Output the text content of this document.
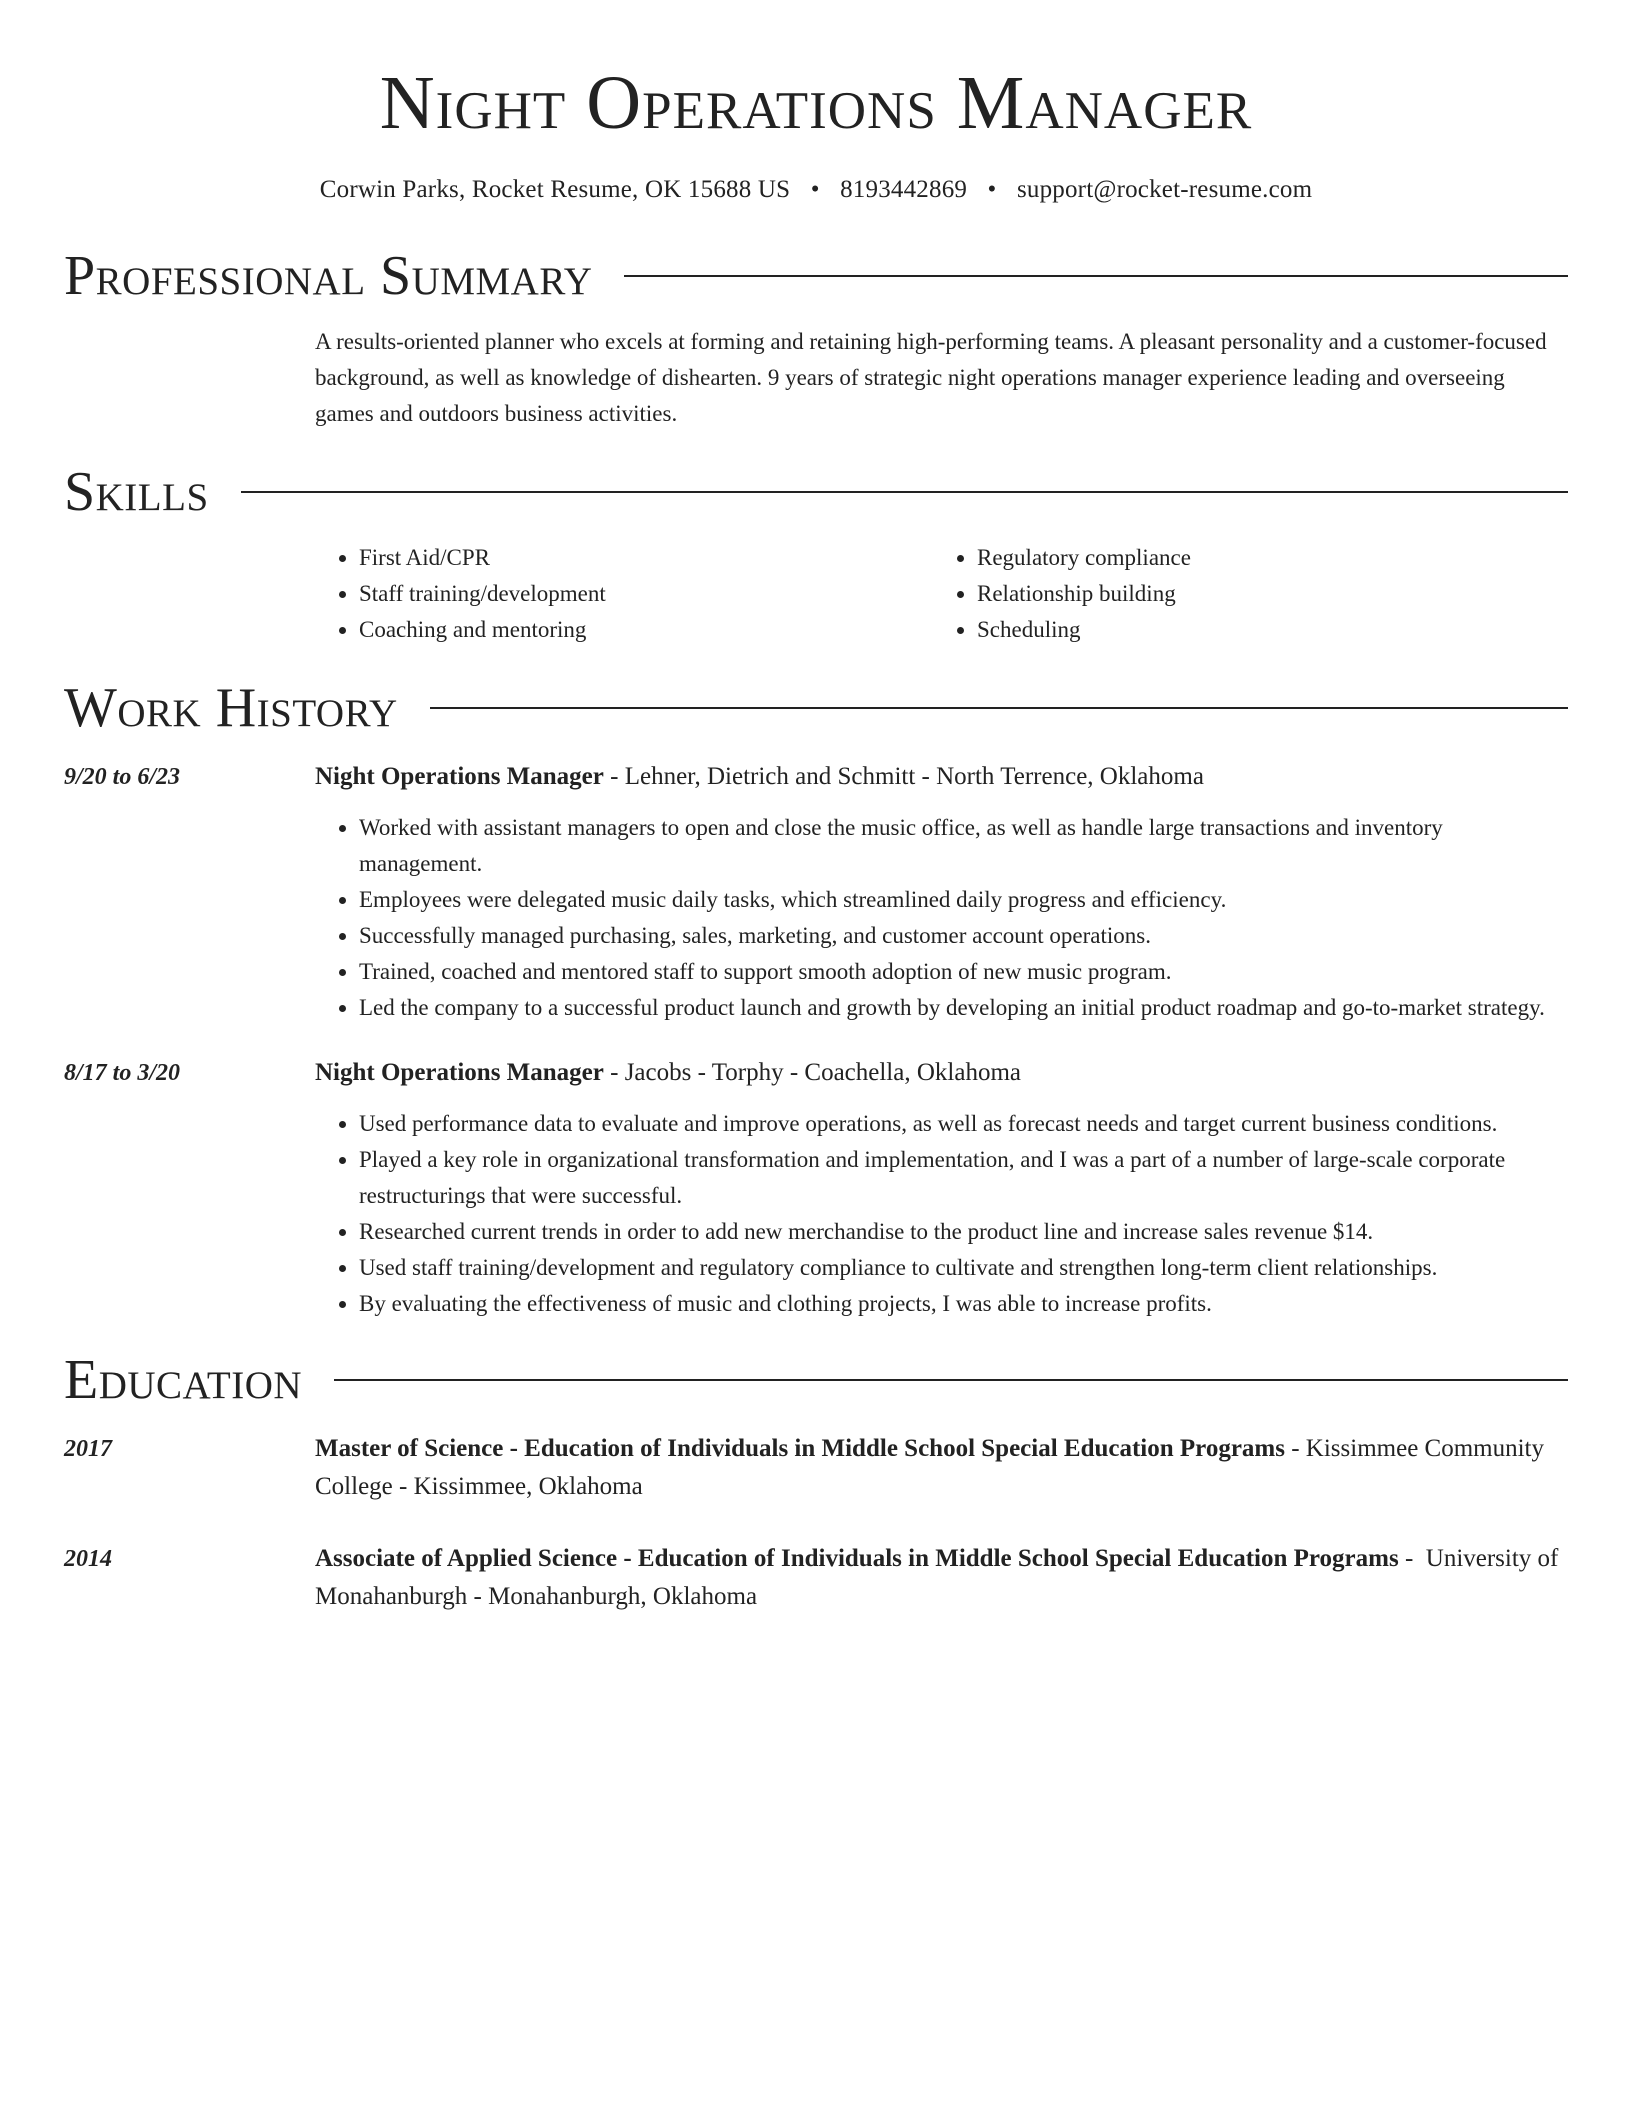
Night Operations Manager
Corwin Parks, Rocket Resume, OK 15688 US • 8193442869 • support@rocket-resume.com
Professional Summary
A results-oriented planner who excels at forming and retaining high-performing teams. A pleasant personality and a customer-focused background, as well as knowledge of dishearten. 9 years of strategic night operations manager experience leading and overseeing games and outdoors business activities.
Skills
• First Aid/CPR
• Staff training/development
• Coaching and mentoring
• Regulatory compliance
• Relationship building
• Scheduling
Work History
9/20 to 6/23	Night Operations Manager - Lehner, Dietrich and Schmitt - North Terrence, Oklahoma
• Worked with assistant managers to open and close the music office, as well as handle large transactions and inventory management.
• Employees were delegated music daily tasks, which streamlined daily progress and efficiency.
• Successfully managed purchasing, sales, marketing, and customer account operations.
• Trained, coached and mentored staff to support smooth adoption of new music program.
• Led the company to a successful product launch and growth by developing an initial product roadmap and go-to-market strategy.
8/17 to 3/20	Night Operations Manager - Jacobs - Torphy - Coachella, Oklahoma
• Used performance data to evaluate and improve operations, as well as forecast needs and target current business conditions.
• Played a key role in organizational transformation and implementation, and I was a part of a number of large-scale corporate restructurings that were successful.
• Researched current trends in order to add new merchandise to the product line and increase sales revenue $14.
• Used staff training/development and regulatory compliance to cultivate and strengthen long-term client relationships.
• By evaluating the effectiveness of music and clothing projects, I was able to increase profits.
Education
2017	Master of Science - Education of Individuals in Middle School Special Education Programs - Kissimmee Community College - Kissimmee, Oklahoma
2014	Associate of Applied Science - Education of Individuals in Middle School Special Education Programs -  University of Monahanburgh - Monahanburgh, Oklahoma
